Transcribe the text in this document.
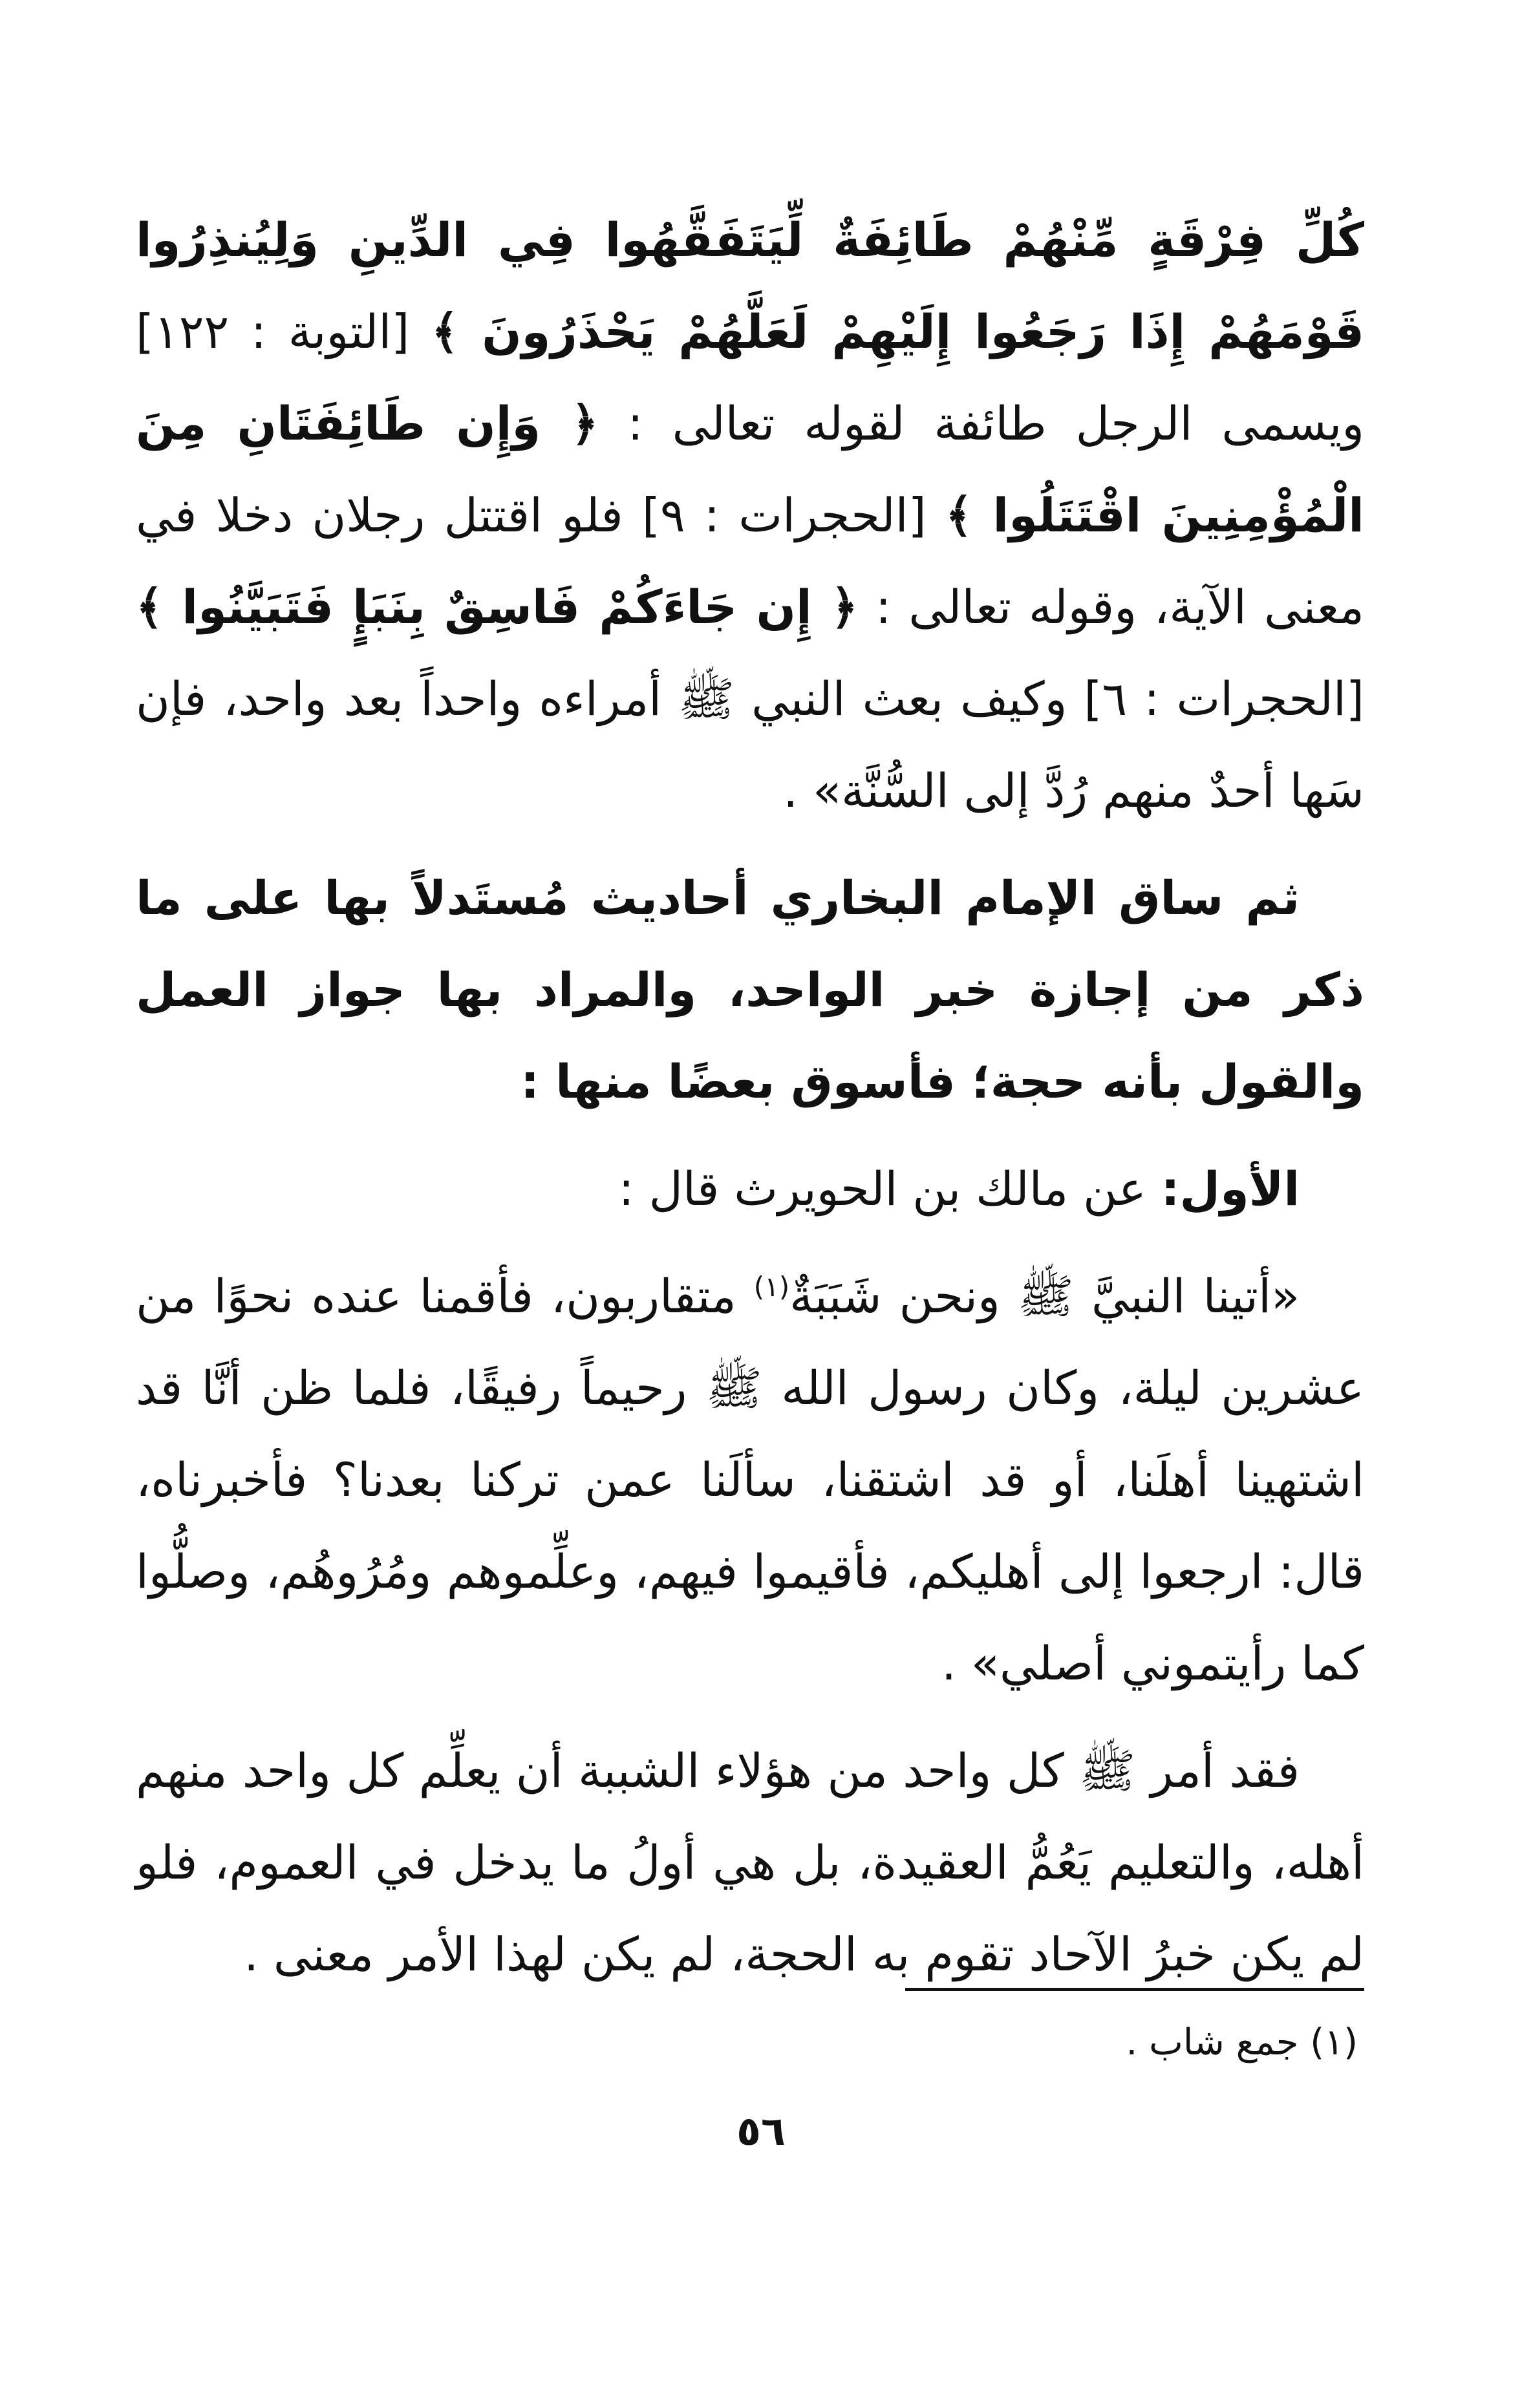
كُلِّ فِرْقَةٍ مِّنْهُمْ طَائِفَةٌ لِّيَتَفَقَّهُوا فِي الدِّينِ وَلِيُنذِرُوا قَوْمَهُمْ إِذَا رَجَعُوا إِلَيْهِمْ لَعَلَّهُمْ يَحْذَرُونَ ﴾ [التوبة : ١٢٢] ويسمى الرجل طائفة لقوله تعالى : ﴿ وَإِن طَائِفَتَانِ مِنَ الْمُؤْمِنِينَ اقْتَتَلُوا ﴾ [الحجرات : ٩] فلو اقتتل رجلان دخلا في معنى الآية، وقوله تعالى : ﴿ إِن جَاءَكُمْ فَاسِقٌ بِنَبَإٍ فَتَبَيَّنُوا ﴾ [الحجرات : ٦] وكيف بعث النبي ﷺ أمراءه واحداً بعد واحد، فإن سَها أحدٌ منهم رُدَّ إلى السُّنَّة» .

ثم ساق الإمام البخاري أحاديث مُستَدلاً بها على ما ذكر من إجازة خبر الواحد، والمراد بها جواز العمل والقول بأنه حجة؛ فأسوق بعضًا منها :

الأول: عن مالك بن الحويرث قال :

«أتينا النبيَّ ﷺ ونحن شَبَبَةٌ$^{(١)}$ متقاربون، فأقمنا عنده نحوًا من عشرين ليلة، وكان رسول الله ﷺ رحيماً رفيقًا، فلما ظن أنَّا قد اشتهينا أهلَنا، أو قد اشتقنا، سألَنا عمن تركنا بعدنا؟ فأخبرناه، قال: ارجعوا إلى أهليكم، فأقيموا فيهم، وعلِّموهم ومُرُوهُم، وصلُّوا كما رأيتموني أصلي» .

فقد أمر ﷺ كل واحد من هؤلاء الشببة أن يعلِّم كل واحد منهم أهله، والتعليم يَعُمُّ العقيدة، بل هي أولُ ما يدخل في العموم، فلو لم يكن خبرُ الآحاد تقوم به الحجة، لم يكن لهذا الأمر معنى .

(١) جمع شاب .

٥٦
